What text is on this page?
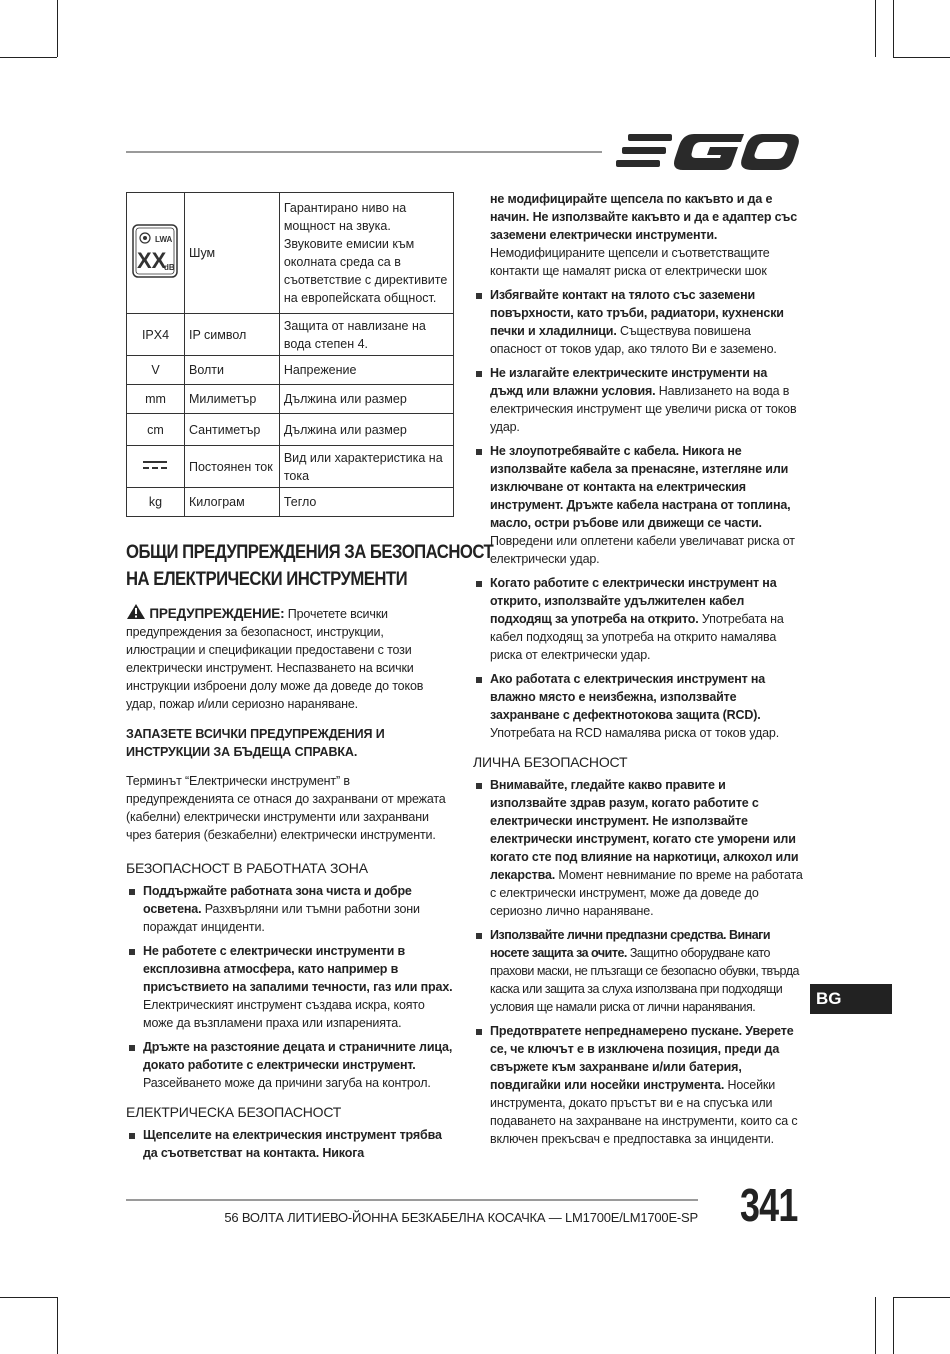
LWA
XX
dB	Шум	Гарантирано ниво на мощност на звука. Звуковите емисии към околната среда са в съответствие с директивите на европейската общност.
IPX4	IP символ	Защита от навлизане на вода степен 4.
V	Волти	Напрежение
mm	Милиметър	Дължина или размер
cm	Сантиметър	Дължина или размер
	Постоянен ток	Вид или характеристика на тока
kg	Килограм	Тегло
ОБЩИ ПРЕДУПРЕЖДЕНИЯ ЗА БЕЗОПАСНОСТ
НА ЕЛЕКТРИЧЕСКИ ИНСТРУМЕНТИ
ПРЕДУПРЕЖДЕНИЕ: Прочетете всички предупреждения за безопасност, инструкции, илюстрации и спецификации предоставени с този електрически инструмент. Неспазването на всички инструкции изброени долу може да доведе до токов удар, пожар и/или сериозно нараняване.
ЗАПАЗЕТЕ ВСИЧКИ ПРЕДУПРЕЖДЕНИЯ И ИНСТРУКЦИИ ЗА БЪДЕЩА СПРАВКА.
Терминът “Електрически инструмент” в предупрежденията се отнася до захранвани от мрежата (кабелни) електрически инструменти или захранвани чрез батерия (безкабелни) електрически инструменти.
БЕЗОПАСНОСТ В РАБОТНАТА ЗОНА
Поддържайте работната зона чиста и добре осветена. Разхвърляни или тъмни работни зони пораждат инциденти.
Не работете с електрически инструменти в експлозивна атмосфера, като например в присъствието на запалими течности, газ или прах. Електрическият инструмент създава искра, която може да възпламени праха или изпаренията.
Дръжте на разстояние децата и страничните лица, докато работите с електрически инструмент. Разсейването може да причини загуба на контрол.
ЕЛЕКТРИЧЕСКА БЕЗОПАСНОСТ
Щепселите на електрическия инструмент трябва да съответстват на контакта. Никога
не модифицирайте щепсела по какъвто и да е начин. Не използвайте какъвто и да е адаптер със заземени електрически инструменти. Немодифицираните щепсели и съответстващите контакти ще намалят риска от електрически шок
Избягвайте контакт на тялото със заземени повърхности, като тръби, радиатори, кухненски печки и хладилници. Съществува повишена опасност от токов удар, ако тялото Ви е заземено.
Не излагайте електрическите инструменти на дъжд или влажни условия. Навлизането на вода в електрическия инструмент ще увеличи риска от токов удар.
Не злоупотребявайте с кабела. Никога не използвайте кабела за пренасяне, изтегляне или изключване от контакта на електрическия инструмент. Дръжте кабела настрана от топлина, масло, остри ръбове или движещи се части. Повредени или оплетени кабели увеличават риска от електрически удар.
Когато работите с електрически инструмент на открито, използвайте удължителен кабел подходящ за употреба на открито. Употребата на кабел подходящ за употреба на открито намалява риска от електрически удар.
Ако работата с електрическия инструмент на влажно място е неизбежна, използвайте захранване с дефектнотокова защита (RCD). Употребата на RCD намалява риска от токов удар.
ЛИЧНА БЕЗОПАСНОСТ
Внимавайте, гледайте какво правите и използвайте здрав разум, когато работите с електрически инструмент. Не използвайте електрически инструмент, когато сте уморени или когато сте под влияние на наркотици, алкохол или лекарства. Момент невнимание по време на работата с електрически инструмент, може да доведе до сериозно лично нараняване.
Използвайте лични предпазни средства. Винаги носете защита за очите. Защитно оборудване като прахови маски, не плъзгащи се безопасно обувки, твърда каска или защита за слуха използвана при подходящи условия ще намали риска от лични наранявания.
Предотвратете непреднамерено пускане. Уверете се, че ключът е в изключена позиция, преди да свържете към захранване и/или батерия, повдигайки или носейки инструмента. Носейки инструмента, докато пръстът ви е на спусъка или подаването на захранване на инструменти, които са с включен прекъсвач е предпоставка за инциденти.
BG
56 ВОЛТА ЛИТИЕВО-ЙОННА БЕЗКАБЕЛНА КОСАЧКА — LM1700E/LM1700E-SP 341
